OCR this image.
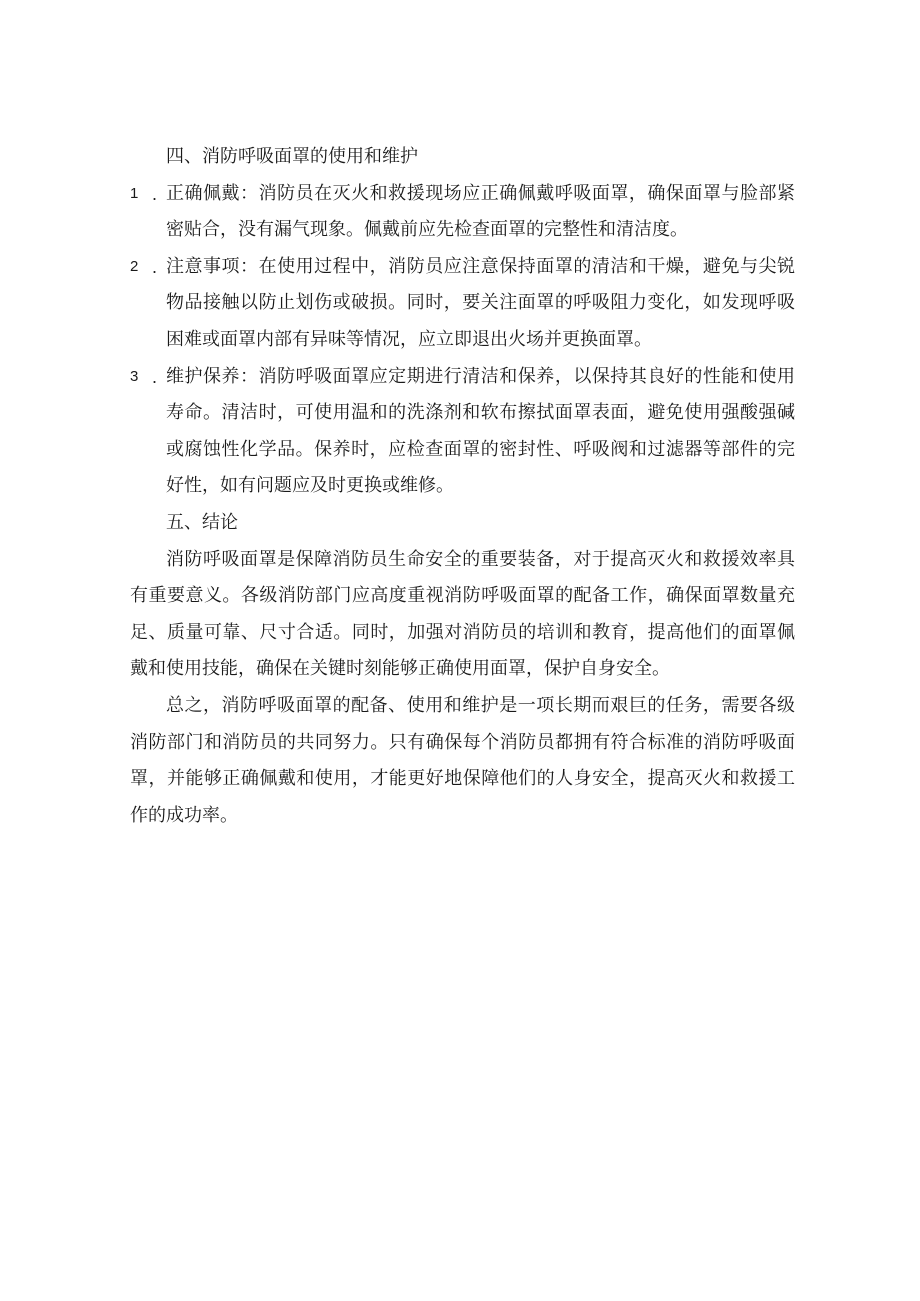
四、消防呼吸面罩的使用和维护

1 . 正确佩戴：消防员在灭火和救援现场应正确佩戴呼吸面罩，确保面罩与脸部紧密贴合，没有漏气现象。佩戴前应先检查面罩的完整性和清洁度。
2 . 注意事项：在使用过程中，消防员应注意保持面罩的清洁和干燥，避免与尖锐物品接触以防止划伤或破损。同时，要关注面罩的呼吸阻力变化，如发现呼吸困难或面罩内部有异味等情况，应立即退出火场并更换面罩。
3 . 维护保养：消防呼吸面罩应定期进行清洁和保养，以保持其良好的性能和使用寿命。清洁时，可使用温和的洗涤剂和软布擦拭面罩表面，避免使用强酸强碱或腐蚀性化学品。保养时，应检查面罩的密封性、呼吸阀和过滤器等部件的完好性，如有问题应及时更换或维修。

五、结论

消防呼吸面罩是保障消防员生命安全的重要装备，对于提高灭火和救援效率具有重要意义。各级消防部门应高度重视消防呼吸面罩的配备工作，确保面罩数量充足、质量可靠、尺寸合适。同时，加强对消防员的培训和教育，提高他们的面罩佩戴和使用技能，确保在关键时刻能够正确使用面罩，保护自身安全。

总之，消防呼吸面罩的配备、使用和维护是一项长期而艰巨的任务，需要各级消防部门和消防员的共同努力。只有确保每个消防员都拥有符合标准的消防呼吸面罩，并能够正确佩戴和使用，才能更好地保障他们的人身安全，提高灭火和救援工作的成功率。
